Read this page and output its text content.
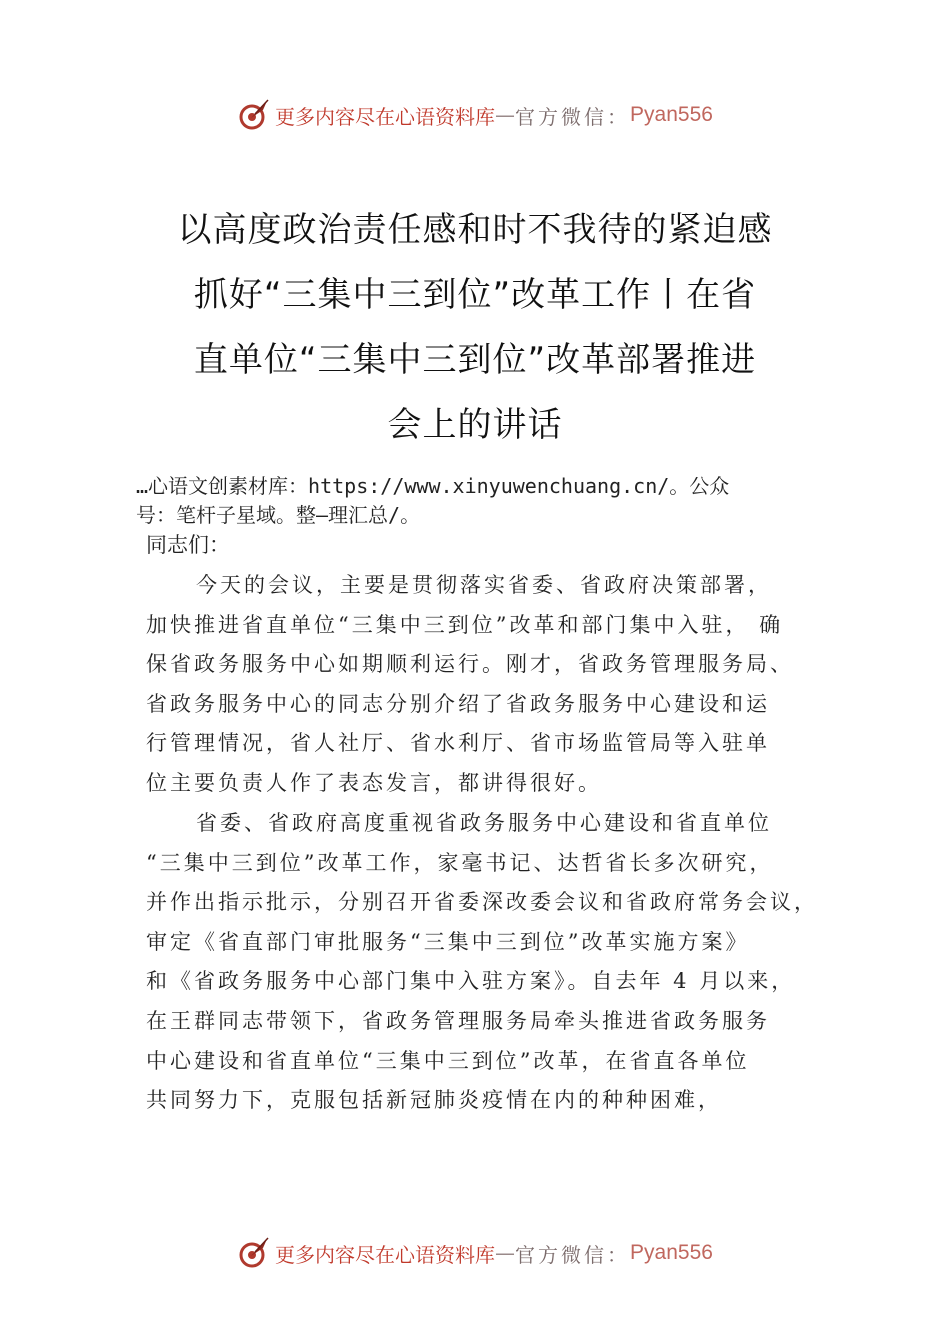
更多内容尽在心语资料库 — 官方微信： Pyan556
以高度政治责任感和时不我待的紧迫感
抓好“三集中三到位”改革工作丨在省
直单位“三集中三到位”改革部署推进
会上的讲话
…心语文创素材库：https://www.xinyuwenchuang.cn/。公众
号：笔杆子星域。整—理汇总/。
同志们：
今天的会议，主要是贯彻落实省委、省政府决策部署，
加快推进省直单位“三集中三到位”改革和部门集中入驻， 确
保省政务服务中心如期顺利运行。刚才，省政务管理服务局、
省政务服务中心的同志分别介绍了省政务服务中心建设和运
行管理情况，省人社厅、省水利厅、省市场监管局等入驻单
位主要负责人作了表态发言，都讲得很好。
省委、省政府高度重视省政务服务中心建设和省直单位
“三集中三到位”改革工作，家毫书记、达哲省长多次研究，
并作出指示批示，分别召开省委深改委会议和省政府常务会议，
审定《省直部门审批服务“三集中三到位”改革实施方案》
和《省政务服务中心部门集中入驻方案》。自去年 4 月以来，
在王群同志带领下，省政务管理服务局牵头推进省政务服务
中心建设和省直单位“三集中三到位”改革，在省直各单位
共同努力下，克服包括新冠肺炎疫情在内的种种困难，
更多内容尽在心语资料库 — 官方微信： Pyan556
